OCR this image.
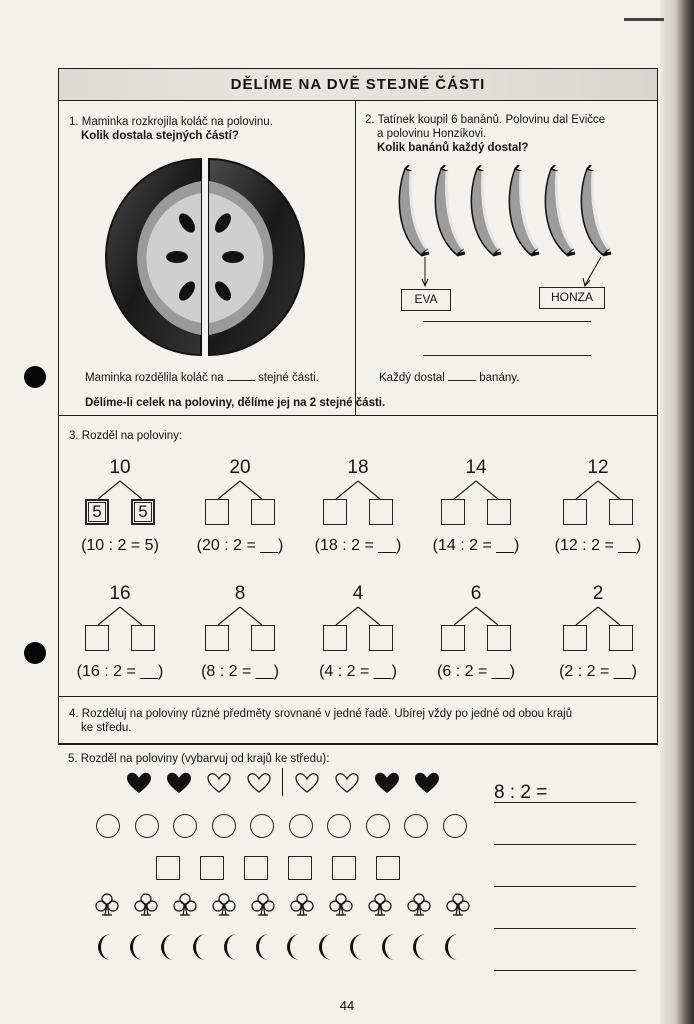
DĚLÍME NA DVĚ STEJNÉ ČÁSTI
1. Maminka rozkrojila koláč na polovinu.
Kolik dostala stejných částí?
Maminka rozdělila koláč na	stejné části.
2. Tatínek koupil 6 banánů. Polovinu dal Evičce
a polovinu Honzíkovi.
Kolik banánů každý dostal?
EVA	HONZA
Každý dostal	banány.
Dělíme-li celek na poloviny, dělíme jej na 2 stejné části.
3. Rozděl na poloviny:
10
5	5
(10 : 2 = 5)
20
(20 : 2 = __)
18
(18 : 2 = __)
14
(14 : 2 = __)
12
(12 : 2 = __)
16
(16 : 2 = __)
8
(8 : 2 = __)
4
(4 : 2 = __)
6
(6 : 2 = __)
2
(2 : 2 = __)
4. Rozděluj na poloviny různé předměty srovnané v jedné řadě. Ubírej vždy po jedné od obou krajů
ke středu.
5. Rozděl na poloviny (vybarvuj od krajů ke středu):
8 : 2 =
44
